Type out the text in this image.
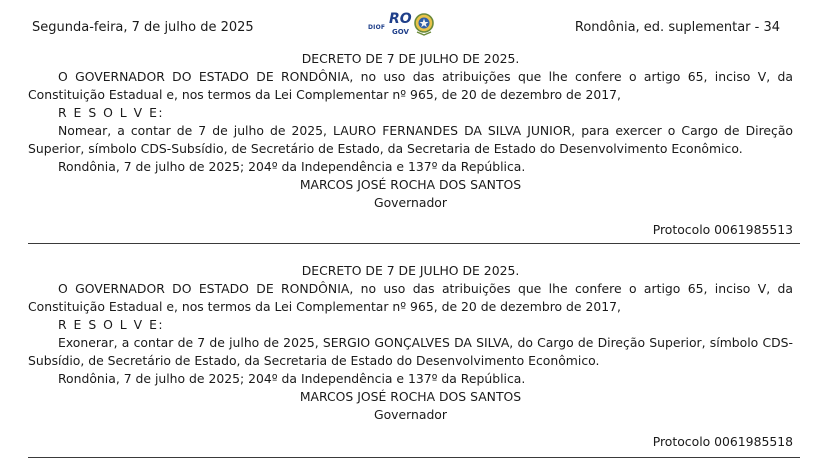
Segunda-feira, 7 de julho de 2025	DIOF
RO
GOV	Rondônia, ed. suplementar - 34

DECRETO DE 7 DE JULHO DE 2025.

O GOVERNADOR DO ESTADO DE RONDÔNIA, no uso das atribuições que lhe confere o artigo 65, inciso V, da Constituição Estadual e, nos termos da Lei Complementar nº 965, de 20 de dezembro de 2017,

R E S O L V E:

Nomear, a contar de 7 de julho de 2025, LAURO FERNANDES DA SILVA JUNIOR, para exercer o Cargo de Direção Superior, símbolo CDS-Subsídio, de Secretário de Estado, da Secretaria de Estado do Desenvolvimento Econômico.

Rondônia, 7 de julho de 2025; 204º da Independência e 137º da República.

MARCOS JOSÉ ROCHA DOS SANTOS

Governador

Protocolo 0061985513

DECRETO DE 7 DE JULHO DE 2025.

O GOVERNADOR DO ESTADO DE RONDÔNIA, no uso das atribuições que lhe confere o artigo 65, inciso V, da Constituição Estadual e, nos termos da Lei Complementar nº 965, de 20 de dezembro de 2017,

R E S O L V E:

Exonerar, a contar de 7 de julho de 2025, SERGIO GONÇALVES DA SILVA, do Cargo de Direção Superior, símbolo CDS-Subsídio, de Secretário de Estado, da Secretaria de Estado do Desenvolvimento Econômico.

Rondônia, 7 de julho de 2025; 204º da Independência e 137º da República.

MARCOS JOSÉ ROCHA DOS SANTOS

Governador

Protocolo 0061985518
